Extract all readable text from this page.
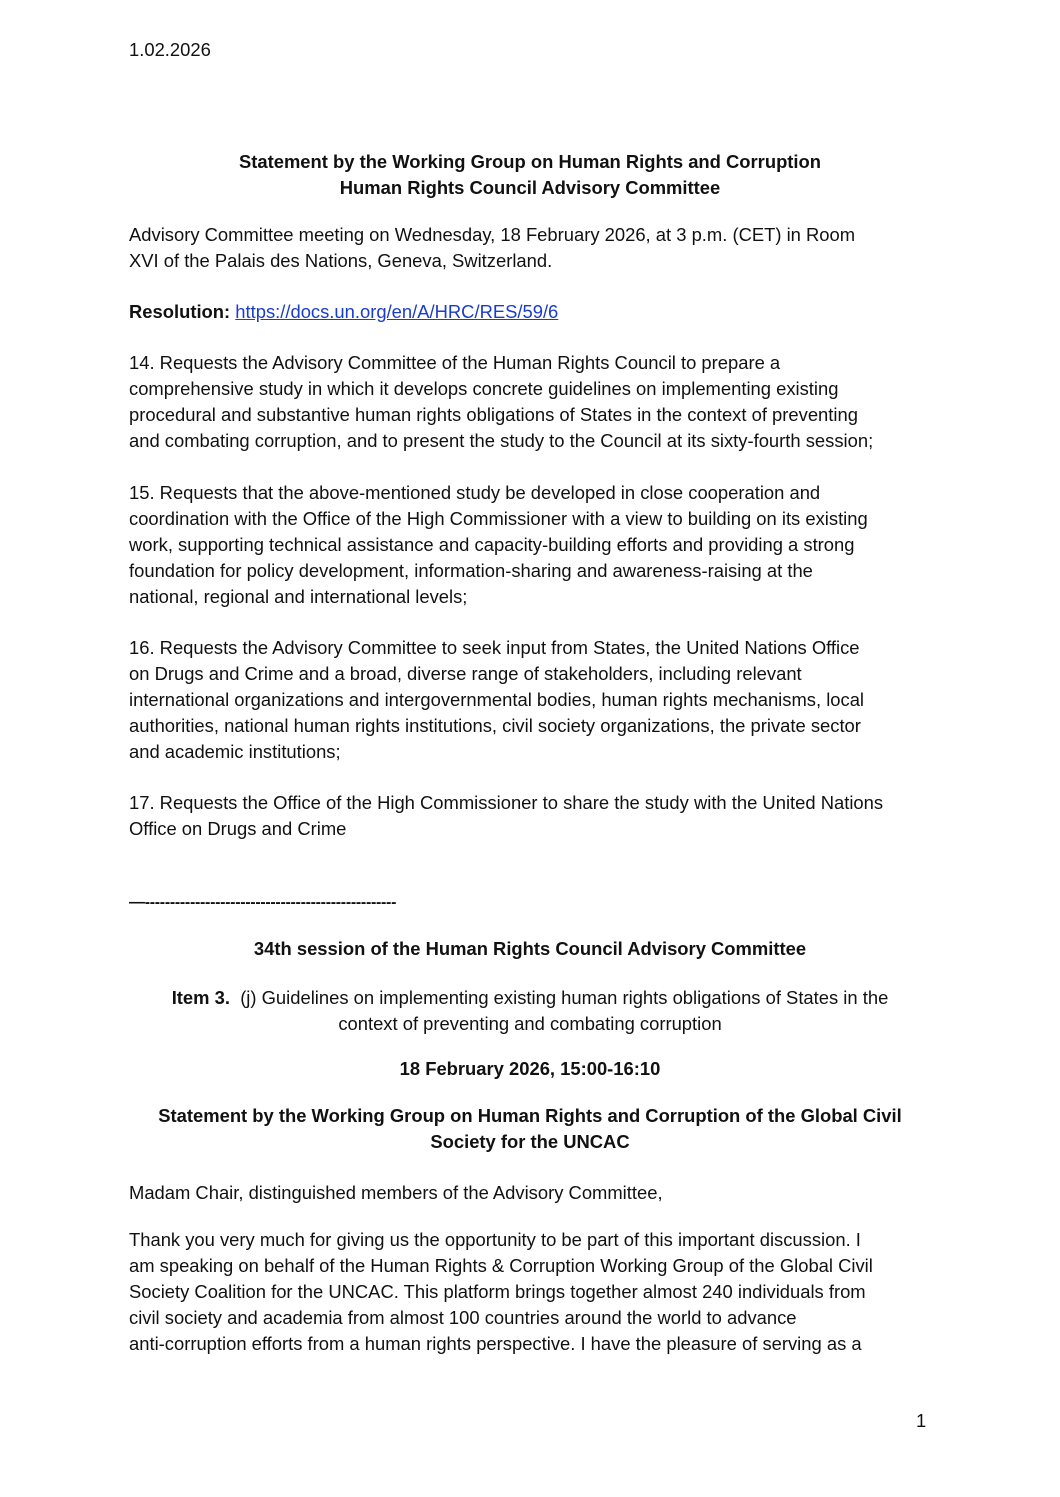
1.02.2026
Statement by the Working Group on Human Rights and Corruption
Human Rights Council Advisory Committee
Advisory Committee meeting on Wednesday, 18 February 2026, at 3 p.m. (CET) in Room
XVI of the Palais des Nations, Geneva, Switzerland.
Resolution: https://docs.un.org/en/A/HRC/RES/59/6
14. Requests the Advisory Committee of the Human Rights Council to prepare a
comprehensive study in which it develops concrete guidelines on implementing existing
procedural and substantive human rights obligations of States in the context of preventing
and combating corruption, and to present the study to the Council at its sixty-fourth session;
15. Requests that the above-mentioned study be developed in close cooperation and
coordination with the Office of the High Commissioner with a view to building on its existing
work, supporting technical assistance and capacity-building efforts and providing a strong
foundation for policy development, information-sharing and awareness-raising at the
national, regional and international levels;
16. Requests the Advisory Committee to seek input from States, the United Nations Office
on Drugs and Crime and a broad, diverse range of stakeholders, including relevant
international organizations and intergovernmental bodies, human rights mechanisms, local
authorities, national human rights institutions, civil society organizations, the private sector
and academic institutions;
17. Requests the Office of the High Commissioner to share the study with the United Nations
Office on Drugs and Crime
—--------------------------------------------------
34th session of the Human Rights Council Advisory Committee
Item 3. (j) Guidelines on implementing existing human rights obligations of States in the
context of preventing and combating corruption
18 February 2026, 15:00-16:10
Statement by the Working Group on Human Rights and Corruption of the Global Civil
Society for the UNCAC
Madam Chair, distinguished members of the Advisory Committee,
Thank you very much for giving us the opportunity to be part of this important discussion. I
am speaking on behalf of the Human Rights & Corruption Working Group of the Global Civil
Society Coalition for the UNCAC. This platform brings together almost 240 individuals from
civil society and academia from almost 100 countries around the world to advance
anti-corruption efforts from a human rights perspective. I have the pleasure of serving as a
1
